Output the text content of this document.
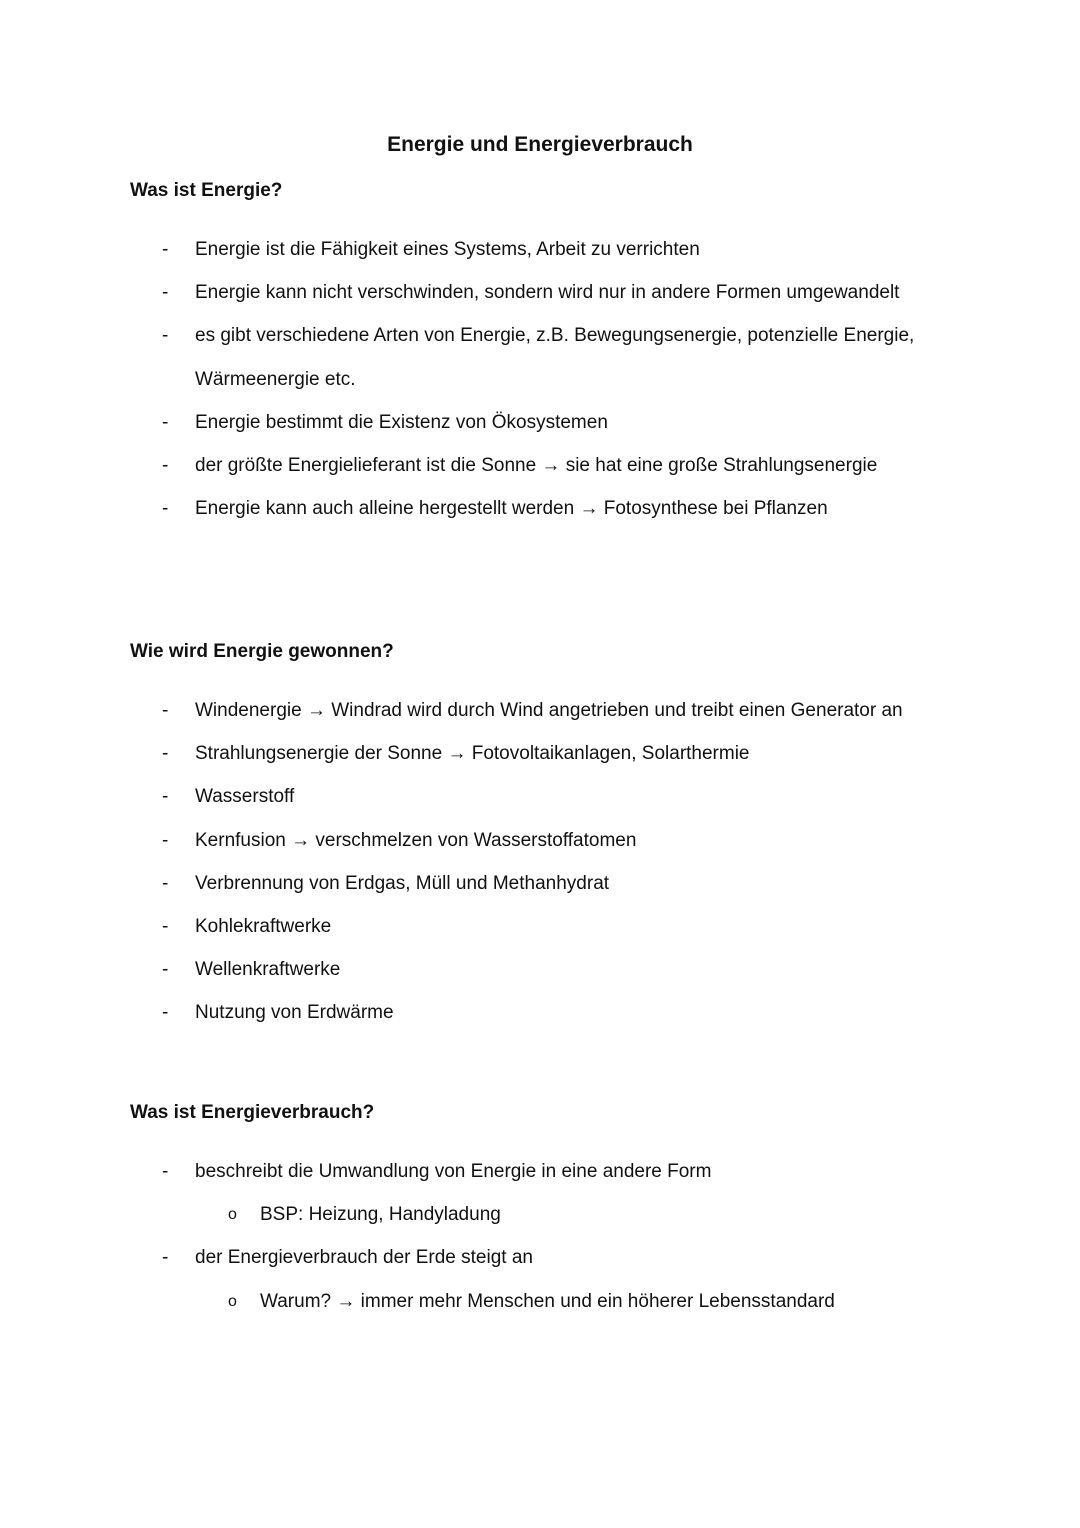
Energie und Energieverbrauch
Was ist Energie?
- Energie ist die Fähigkeit eines Systems, Arbeit zu verrichten
- Energie kann nicht verschwinden, sondern wird nur in andere Formen umgewandelt
- es gibt verschiedene Arten von Energie, z.B. Bewegungsenergie, potenzielle Energie, Wärmeenergie etc.
- Energie bestimmt die Existenz von Ökosystemen
- der größte Energielieferant ist die Sonne → sie hat eine große Strahlungsenergie
- Energie kann auch alleine hergestellt werden → Fotosynthese bei Pflanzen
Wie wird Energie gewonnen?
- Windenergie → Windrad wird durch Wind angetrieben und treibt einen Generator an
- Strahlungsenergie der Sonne → Fotovoltaikanlagen, Solarthermie
- Wasserstoff
- Kernfusion → verschmelzen von Wasserstoffatomen
- Verbrennung von Erdgas, Müll und Methanhydrat
- Kohlekraftwerke
- Wellenkraftwerke
- Nutzung von Erdwärme
Was ist Energieverbrauch?
- beschreibt die Umwandlung von Energie in eine andere Form
o BSP: Heizung, Handyladung
- der Energieverbrauch der Erde steigt an
o Warum? → immer mehr Menschen und ein höherer Lebensstandard
